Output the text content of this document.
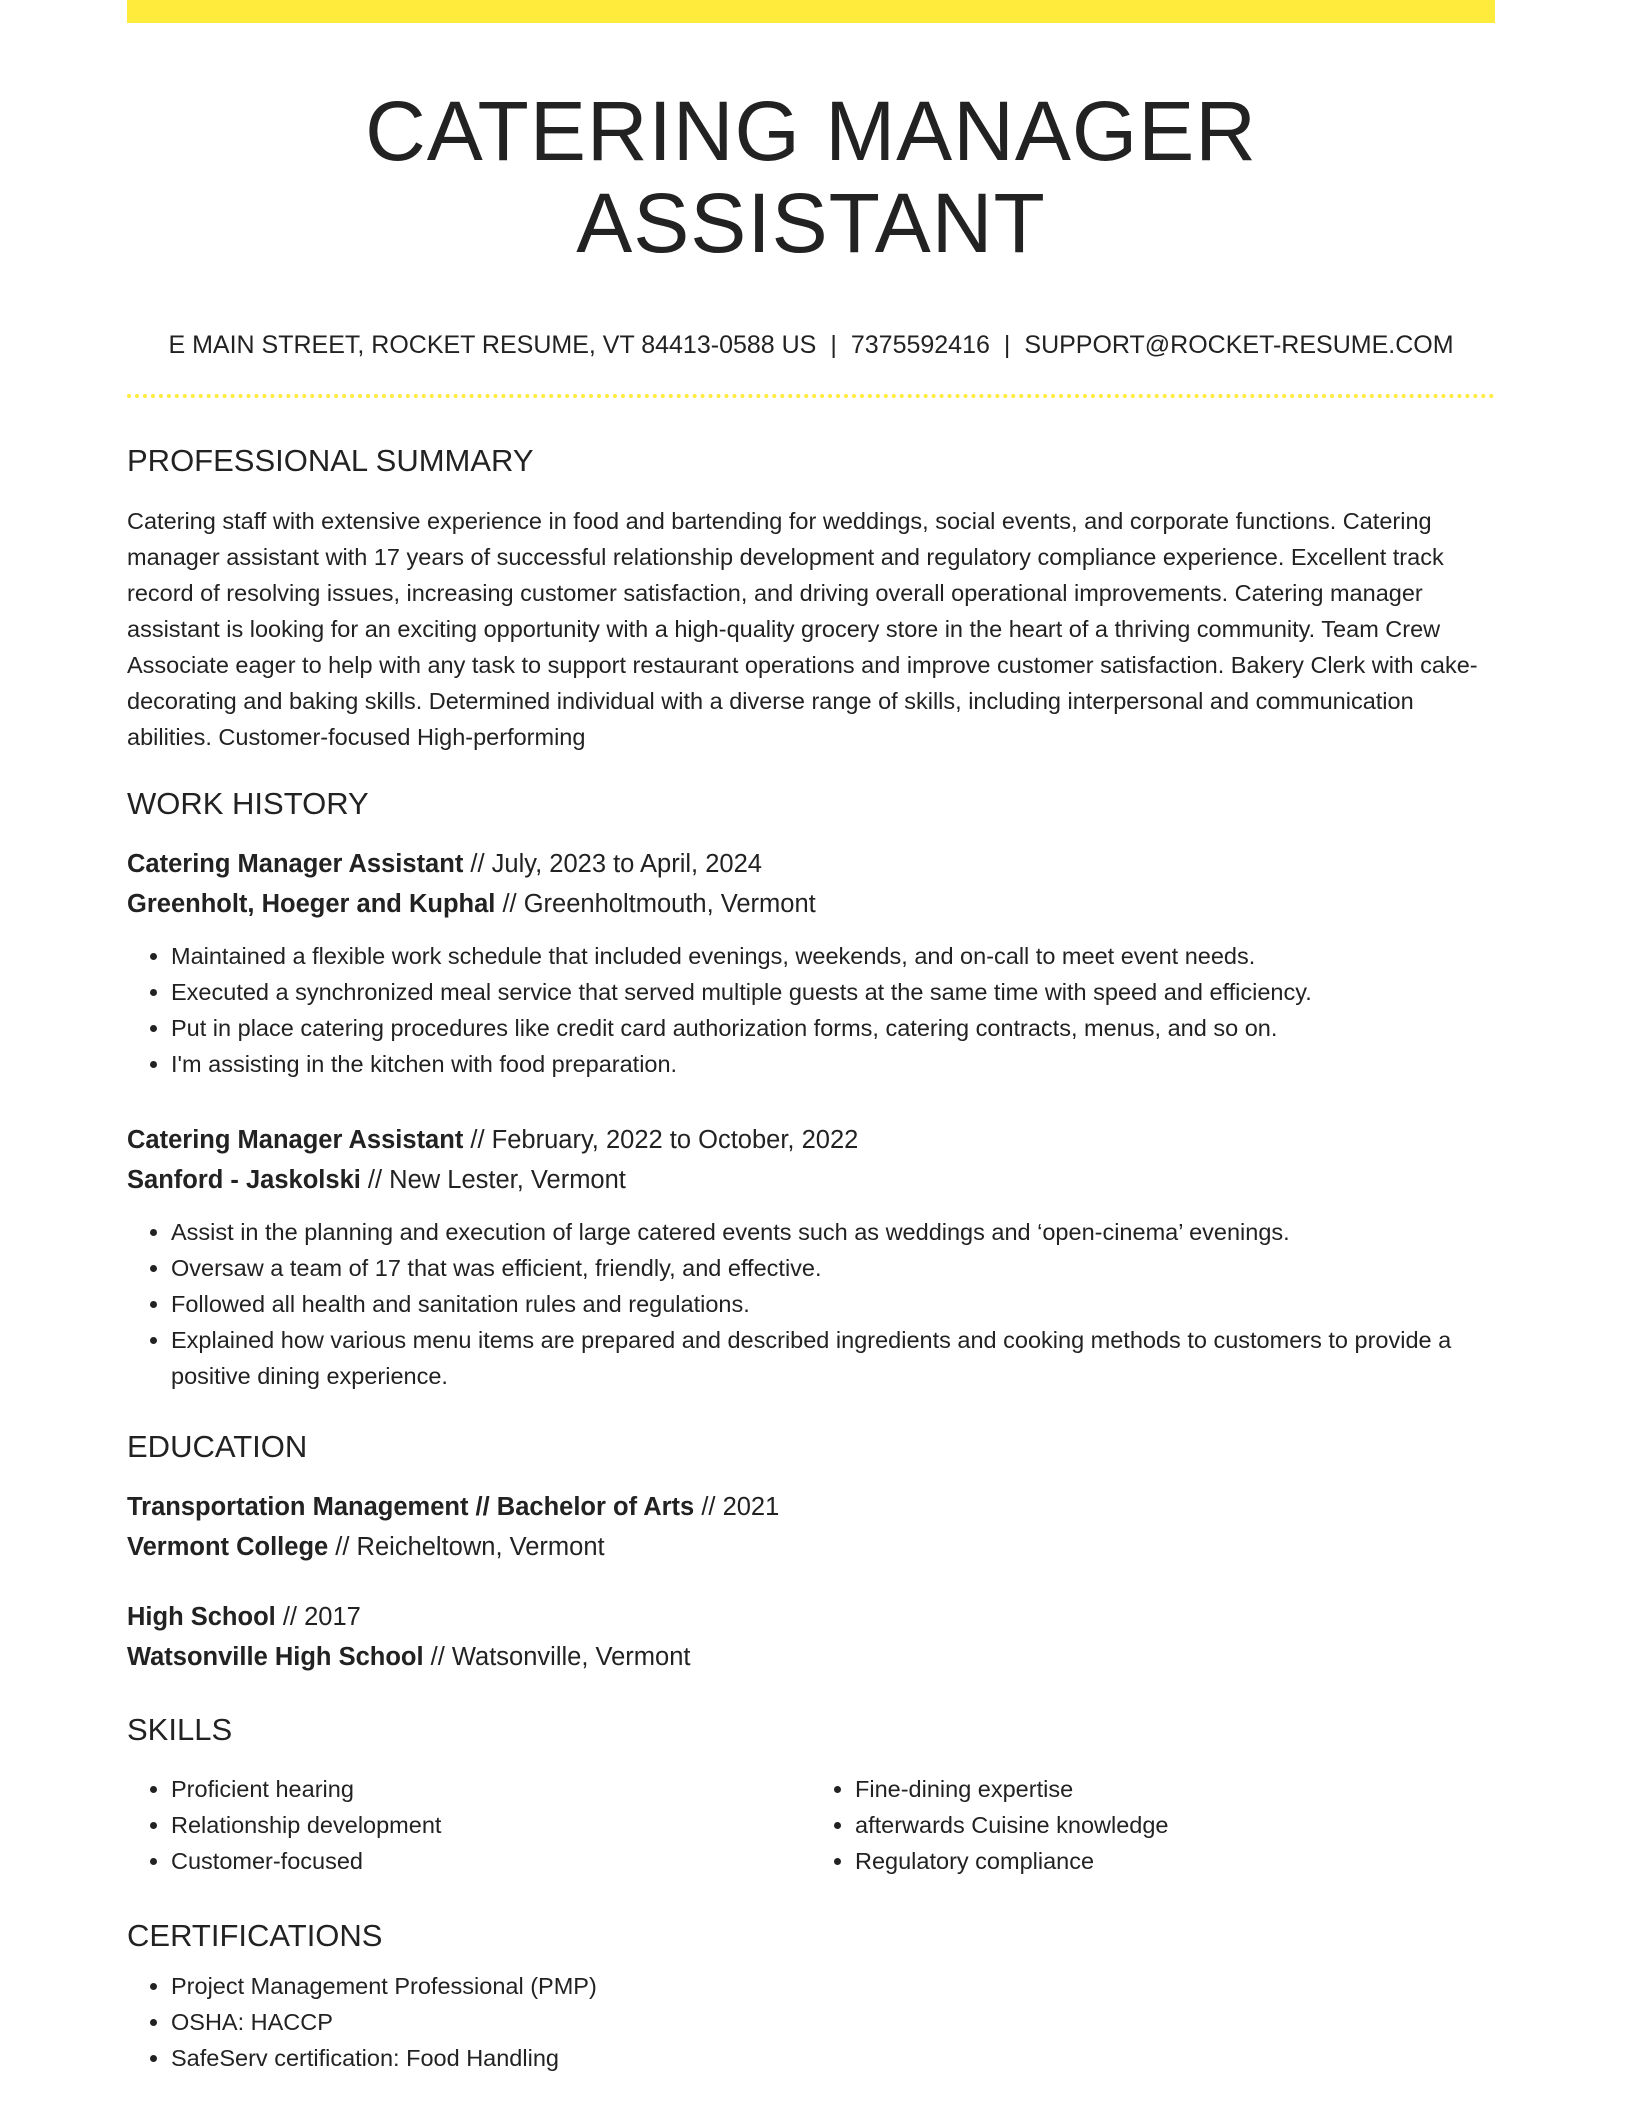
CATERING MANAGER ASSISTANT
E MAIN STREET, ROCKET RESUME, VT 84413-0588 US | 7375592416 | SUPPORT@ROCKET-RESUME.COM
PROFESSIONAL SUMMARY
Catering staff with extensive experience in food and bartending for weddings, social events, and corporate functions. Catering manager assistant with 17 years of successful relationship development and regulatory compliance experience. Excellent track record of resolving issues, increasing customer satisfaction, and driving overall operational improvements. Catering manager assistant is looking for an exciting opportunity with a high-quality grocery store in the heart of a thriving community. Team Crew Associate eager to help with any task to support restaurant operations and improve customer satisfaction. Bakery Clerk with cake-decorating and baking skills. Determined individual with a diverse range of skills, including interpersonal and communication abilities. Customer-focused High-performing
WORK HISTORY
Catering Manager Assistant // July, 2023 to April, 2024
Greenholt, Hoeger and Kuphal // Greenholtmouth, Vermont
• Maintained a flexible work schedule that included evenings, weekends, and on-call to meet event needs.
• Executed a synchronized meal service that served multiple guests at the same time with speed and efficiency.
• Put in place catering procedures like credit card authorization forms, catering contracts, menus, and so on.
• I'm assisting in the kitchen with food preparation.
Catering Manager Assistant // February, 2022 to October, 2022
Sanford - Jaskolski // New Lester, Vermont
• Assist in the planning and execution of large catered events such as weddings and ‘open-cinema’ evenings.
• Oversaw a team of 17 that was efficient, friendly, and effective.
• Followed all health and sanitation rules and regulations.
• Explained how various menu items are prepared and described ingredients and cooking methods to customers to provide a positive dining experience.
EDUCATION
Transportation Management // Bachelor of Arts // 2021
Vermont College // Reicheltown, Vermont
High School // 2017
Watsonville High School // Watsonville, Vermont
SKILLS
• Proficient hearing
• Relationship development
• Customer-focused
• Fine-dining expertise
• afterwards Cuisine knowledge
• Regulatory compliance
CERTIFICATIONS
• Project Management Professional (PMP)
• OSHA: HACCP
• SafeServ certification: Food Handling
